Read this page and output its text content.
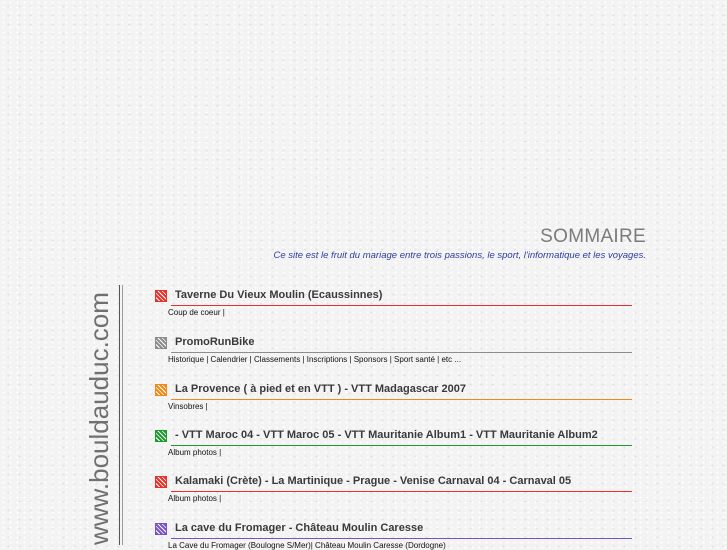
SOMMAIRE
Ce site est le fruit du mariage entre trois passions, le sport, l'informatique et les voyages.
www.bouldauduc.com	Taverne Du Vieux Moulin (Ecaussinnes)
Coup de coeur |
PromoRunBike
Historique | Calendrier | Classements | Inscriptions | Sponsors | Sport santé | etc ...
La Provence ( à pied et en VTT ) - VTT Madagascar 2007
Vinsobres |
- VTT Maroc 04 - VTT Maroc 05 - VTT Mauritanie Album1 - VTT Mauritanie Album2
Album photos |
Kalamaki (Crète) - La Martinique - Prague - Venise Carnaval 04 - Carnaval 05
Album photos |
La cave du Fromager - Château Moulin Caresse
La Cave du Fromager (Boulogne S/Mer)| Château Moulin Caresse (Dordogne)
